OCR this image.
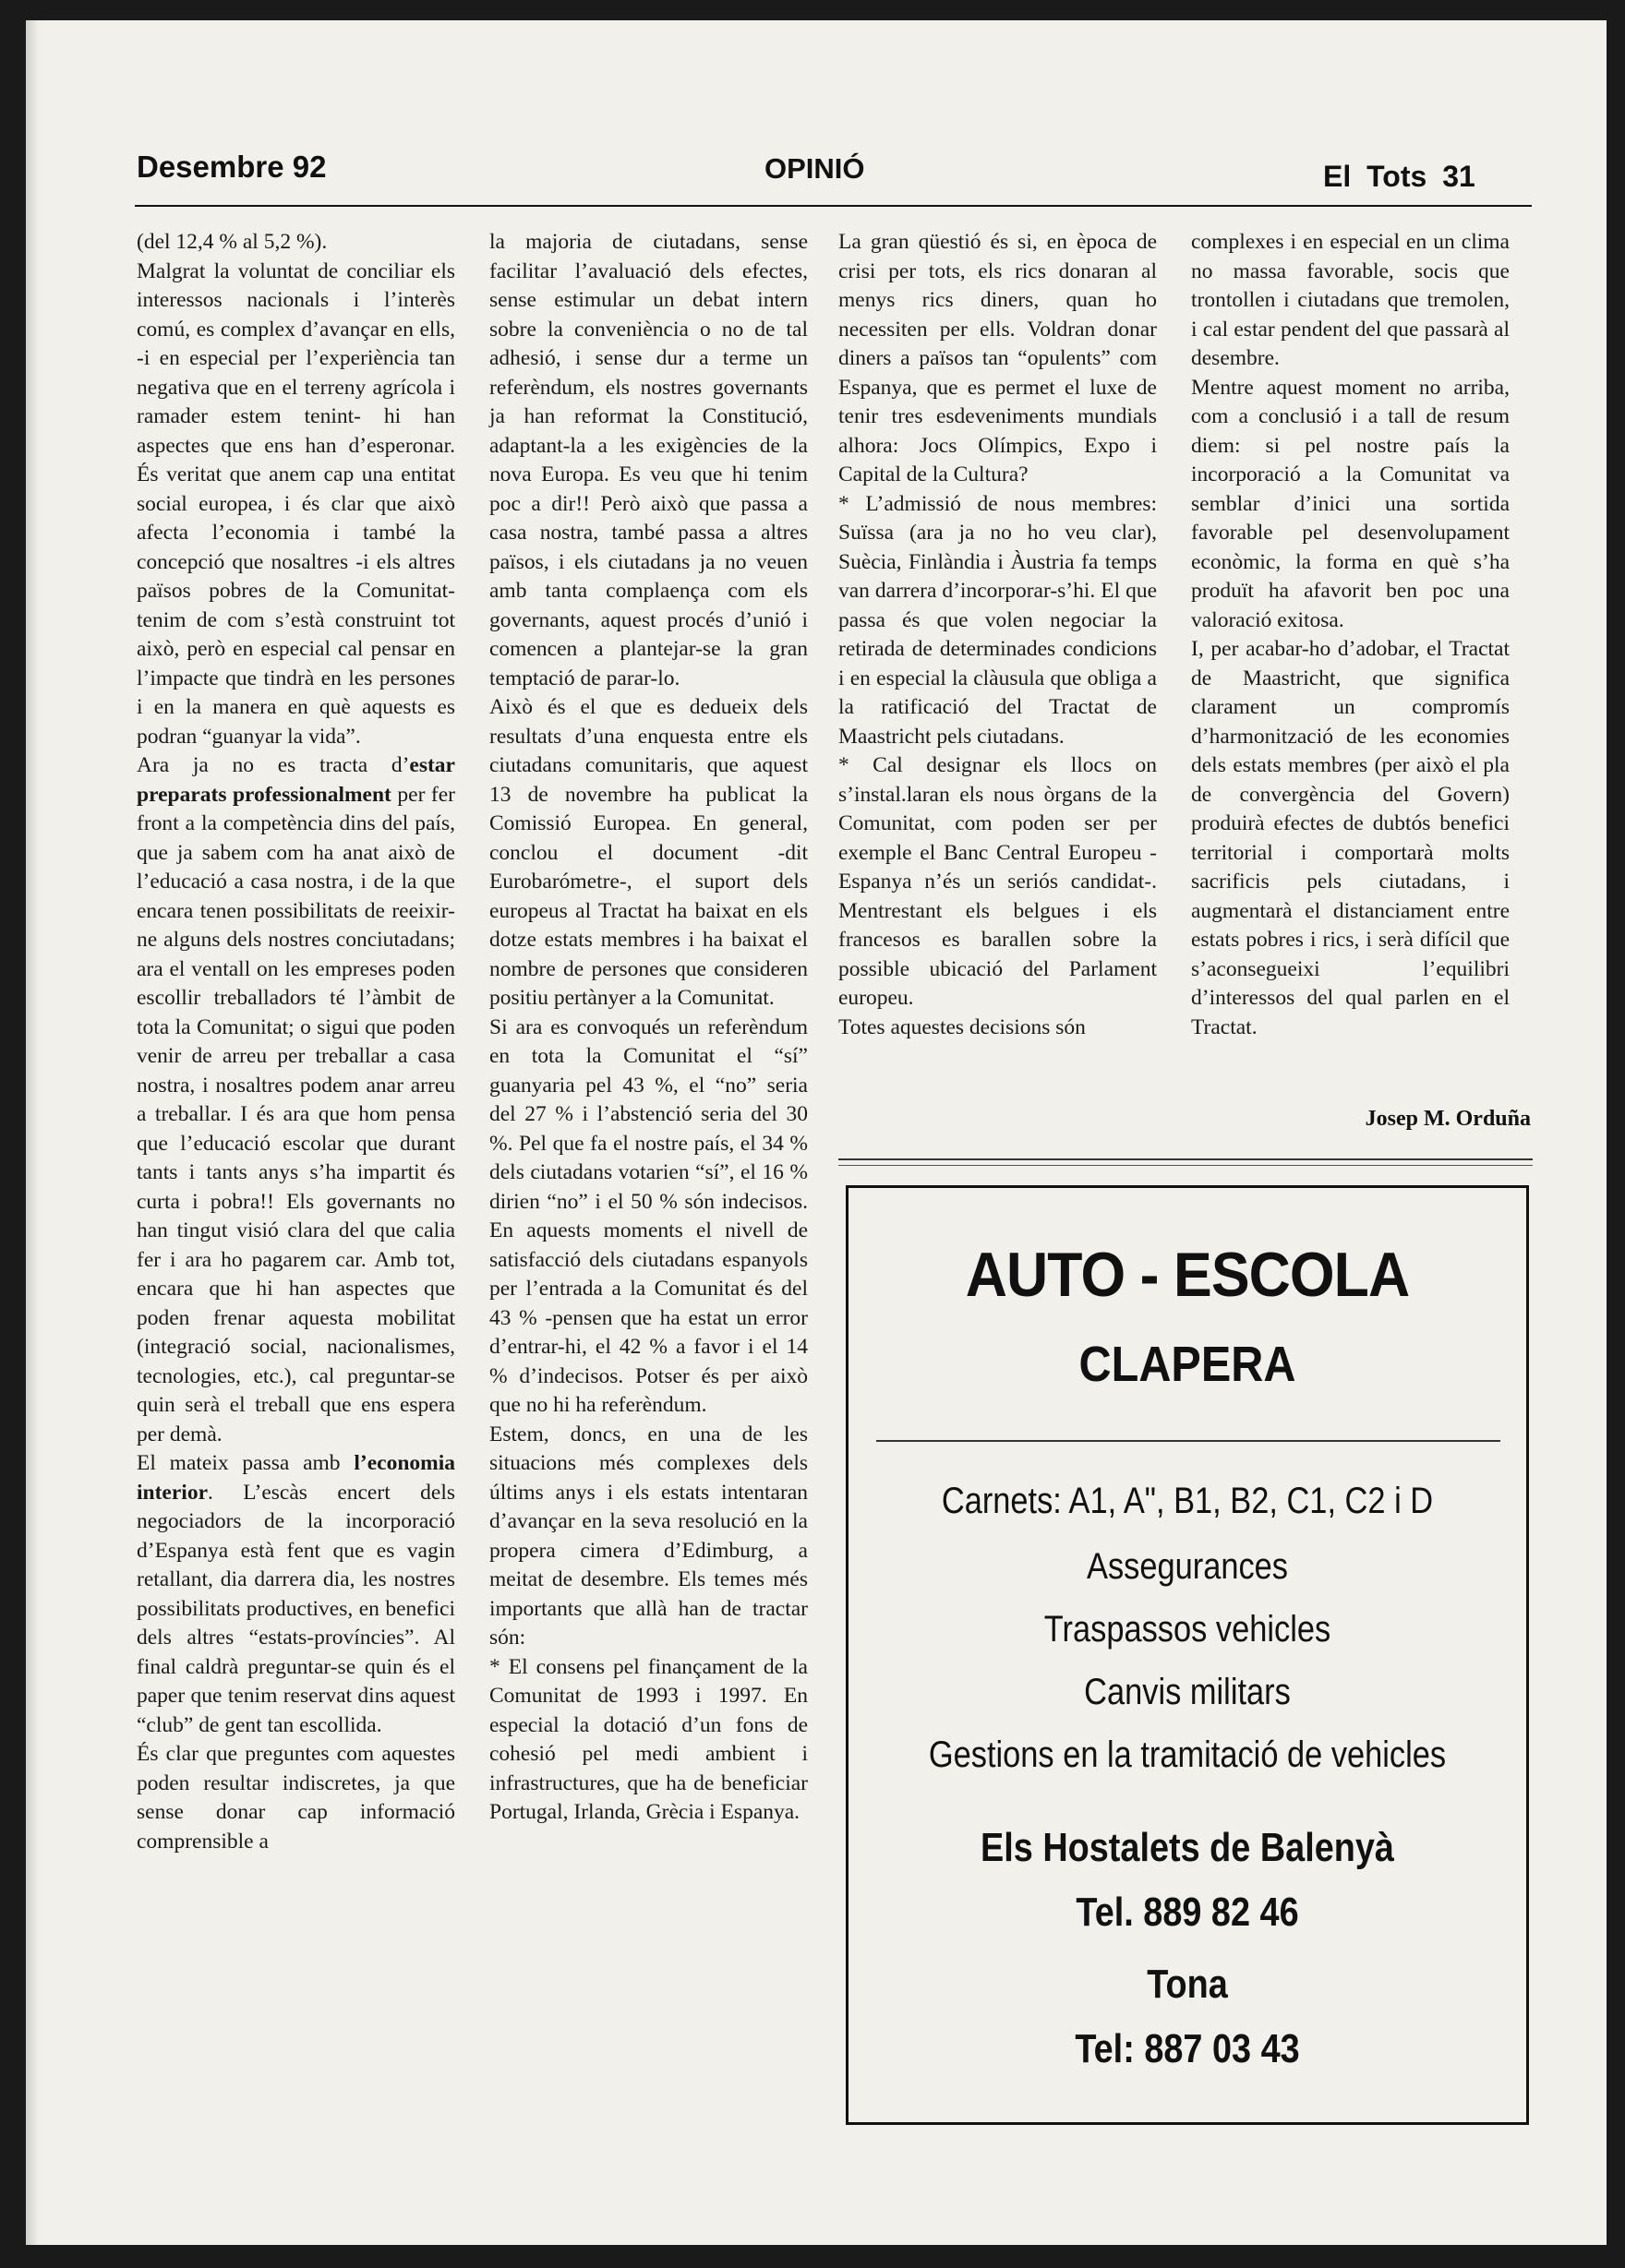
Desembre 92	OPINIÓ	El Tots 31

(del 12,4 % al 5,2 %).

Malgrat la voluntat de conciliar els interessos nacionals i l’interès comú, es complex d’avançar en ells, -i en especial per l’experiència tan negativa que en el terreny agrícola i ramader estem tenint- hi han aspectes que ens han d’esperonar. És veritat que anem cap una entitat social europea, i és clar que això afecta l’economia i també la concepció que nosaltres -i els altres països pobres de la Comunitat- tenim de com s’està construint tot això, però en especial cal pensar en l’impacte que tindrà en les persones i en la manera en què aquests es podran “guanyar la vida”.

Ara ja no es tracta d’estar preparats professionalment per fer front a la competència dins del país, que ja sabem com ha anat això de l’educació a casa nostra, i de la que encara tenen possibilitats de reeixir-ne alguns dels nostres conciutadans; ara el ventall on les empreses poden escollir treballadors té l’àmbit de tota la Comunitat; o sigui que poden venir de arreu per treballar a casa nostra, i nosaltres podem anar arreu a treballar. I és ara que hom pensa que l’educació escolar que durant tants i tants anys s’ha impartit és curta i pobra!! Els governants no han tingut visió clara del que calia fer i ara ho pagarem car. Amb tot, encara que hi han aspectes que poden frenar aquesta mobilitat (integració social, nacionalismes, tecnologies, etc.), cal preguntar-se quin serà el treball que ens espera per demà.

El mateix passa amb l’economia interior. L’escàs encert dels negociadors de la incorporació d’Espanya està fent que es vagin retallant, dia darrera dia, les nostres possibilitats productives, en benefici dels altres “estats-províncies”. Al final caldrà preguntar-se quin és el paper que tenim reservat dins aquest “club” de gent tan escollida.

És clar que preguntes com aquestes poden resultar indiscretes, ja que sense donar cap informació comprensible a

la majoria de ciutadans, sense facilitar l’avaluació dels efectes, sense estimular un debat intern sobre la conveniència o no de tal adhesió, i sense dur a terme un referèndum, els nostres governants ja han reformat la Constitució, adaptant-la a les exigències de la nova Europa. Es veu que hi tenim poc a dir!! Però això que passa a casa nostra, també passa a altres països, i els ciutadans ja no veuen amb tanta complaença com els governants, aquest procés d’unió i comencen a plantejar-se la gran temptació de parar-lo.

Això és el que es dedueix dels resultats d’una enquesta entre els ciutadans comunitaris, que aquest 13 de novembre ha publicat la Comissió Europea. En general, conclou el document -dit Eurobarómetre-, el suport dels europeus al Tractat ha baixat en els dotze estats membres i ha baixat el nombre de persones que consideren positiu pertànyer a la Comunitat.

Si ara es convoqués un referèndum en tota la Comunitat el “sí” guanyaria pel 43 %, el “no” seria del 27 % i l’abstenció seria del 30 %. Pel que fa el nostre país, el 34 % dels ciutadans votarien “sí”, el 16 % dirien “no” i el 50 % són indecisos. En aquests moments el nivell de satisfacció dels ciutadans espanyols per l’entrada a la Comunitat és del 43 % -pensen que ha estat un error d’entrar-hi, el 42 % a favor i el 14 % d’indecisos. Potser és per això que no hi ha referèndum.

Estem, doncs, en una de les situacions més complexes dels últims anys i els estats intentaran d’avançar en la seva resolució en la propera cimera d’Edimburg, a meitat de desembre. Els temes més importants que allà han de tractar són:

* El consens pel finançament de la Comunitat de 1993 i 1997. En especial la dotació d’un fons de cohesió pel medi ambient i infrastructures, que ha de beneficiar Portugal, Irlanda, Grècia i Espanya.

La gran qüestió és si, en època de crisi per tots, els rics donaran al menys rics diners, quan ho necessiten per ells. Voldran donar diners a països tan “opulents” com Espanya, que es permet el luxe de tenir tres esdeveniments mundials alhora: Jocs Olímpics, Expo i Capital de la Cultura?

* L’admissió de nous membres: Suïssa (ara ja no ho veu clar), Suècia, Finlàndia i Àustria fa temps van darrera d’incorporar-s’hi. El que passa és que volen negociar la retirada de determinades condicions i en especial la clàusula que obliga a la ratificació del Tractat de Maastricht pels ciutadans.

* Cal designar els llocs on s’instal.laran els nous òrgans de la Comunitat, com poden ser per exemple el Banc Central Europeu -Espanya n’és un seriós candidat-. Mentrestant els belgues i els francesos es barallen sobre la possible ubicació del Parlament europeu.

Totes aquestes decisions són

complexes i en especial en un clima no massa favorable, socis que trontollen i ciutadans que tremolen, i cal estar pendent del que passarà al desembre.

Mentre aquest moment no arriba, com a conclusió i a tall de resum diem: si pel nostre país la incorporació a la Comunitat va semblar d’inici una sortida favorable pel desenvolupament econòmic, la forma en què s’ha produït ha afavorit ben poc una valoració exitosa.

I, per acabar-ho d’adobar, el Tractat de Maastricht, que significa clarament un compromís d’harmonització de les economies dels estats membres (per això el pla de convergència del Govern) produirà efectes de dubtós benefici territorial i comportarà molts sacrificis pels ciutadans, i augmentarà el distanciament entre estats pobres i rics, i serà difícil que s’aconsegueixi l’equilibri d’interessos del qual parlen en el Tractat.

Josep M. Orduña
AUTO - ESCOLA
CLAPERA
Carnets: A1, A", B1, B2, C1, C2 i D
Assegurances
Traspassos vehicles
Canvis militars
Gestions en la tramitació de vehicles
Els Hostalets de Balenyà
Tel. 889 82 46
Tona
Tel: 887 03 43
